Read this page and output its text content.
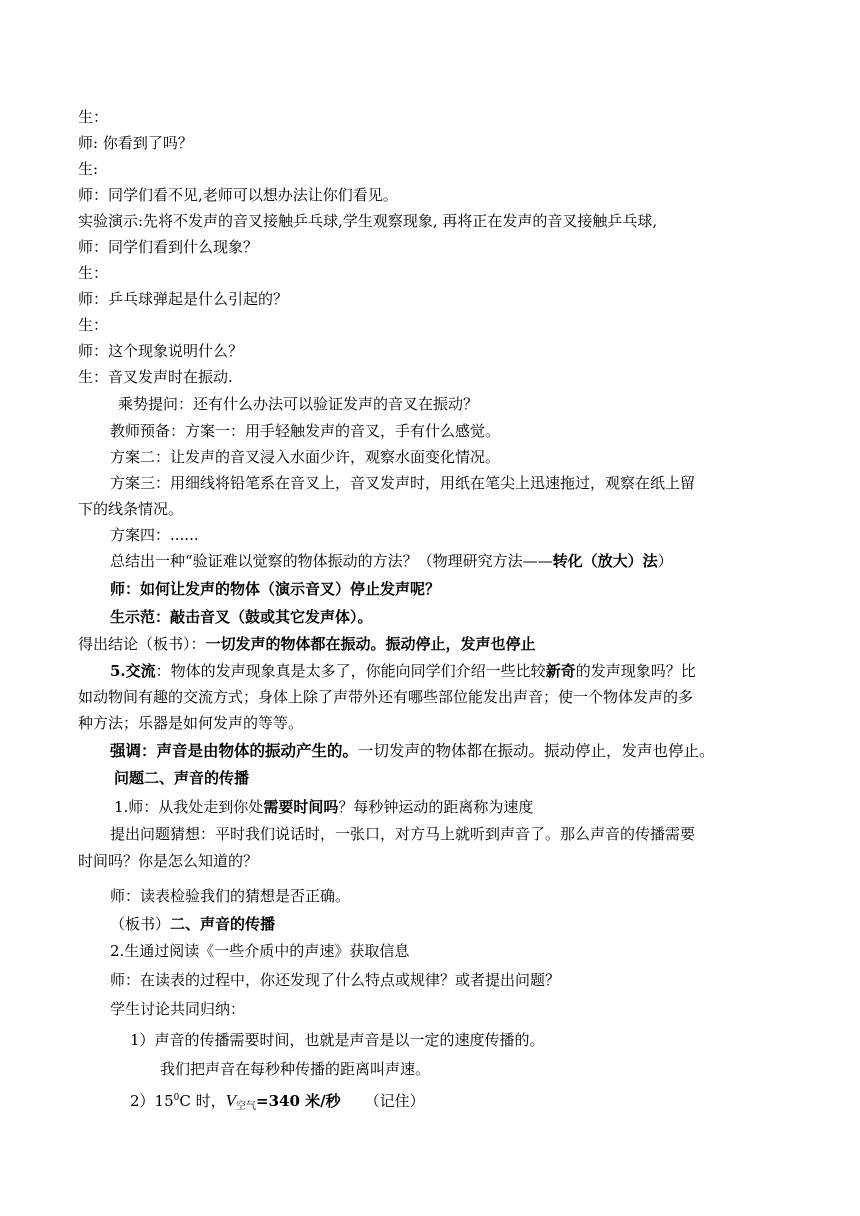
生：
师: 你看到了吗？
生:
师：同学们看不见,老师可以想办法让你们看见。
实验演示:先将不发声的音叉接触乒乓球,学生观察现象, 再将正在发声的音叉接触乒乓球,
师：同学们看到什么现象？
生：
师：乒乓球弹起是什么引起的？
生：
师：这个现象说明什么？
生：音叉发声时在振动.
乘势提问：还有什么办法可以验证发声的音叉在振动？
教师预备：方案一：用手轻触发声的音叉，手有什么感觉。
方案二：让发声的音叉浸入水面少许，观察水面变化情况。
方案三：用细线将铅笔系在音叉上，音叉发声时，用纸在笔尖上迅速拖过，观察在纸上留
下的线条情况。
方案四：......
总结出一种“验证难以觉察的物体振动的方法？（物理研究方法——转化（放大）法）
师：如何让发声的物体（演示音叉）停止发声呢？
生示范：敲击音叉（鼓或其它发声体）。
得出结论（板书）：一切发声的物体都在振动。振动停止，发声也停止
5.交流：物体的发声现象真是太多了，你能向同学们介绍一些比较新奇的发声现象吗？比
如动物间有趣的交流方式；身体上除了声带外还有哪些部位能发出声音；使一个物体发声的多
种方法；乐器是如何发声的等等。
强调：声音是由物体的振动产生的。一切发声的物体都在振动。振动停止，发声也停止。
问题二、声音的传播
1.师：从我处走到你处需要时间吗？每秒钟运动的距离称为速度
提出问题猜想：平时我们说话时，一张口，对方马上就听到声音了。那么声音的传播需要
时间吗？你是怎么知道的？
师：读表检验我们的猜想是否正确。
（板书）二、声音的传播
2.生通过阅读《一些介质中的声速》获取信息
师：在读表的过程中，你还发现了什么特点或规律？或者提出问题？
学生讨论共同归纳：
1）声音的传播需要时间，也就是声音是以一定的速度传播的。
我们把声音在每秒种传播的距离叫声速。
$2)15^0C$ 时，$V_{空气}=340$ 米/秒 （记住）
